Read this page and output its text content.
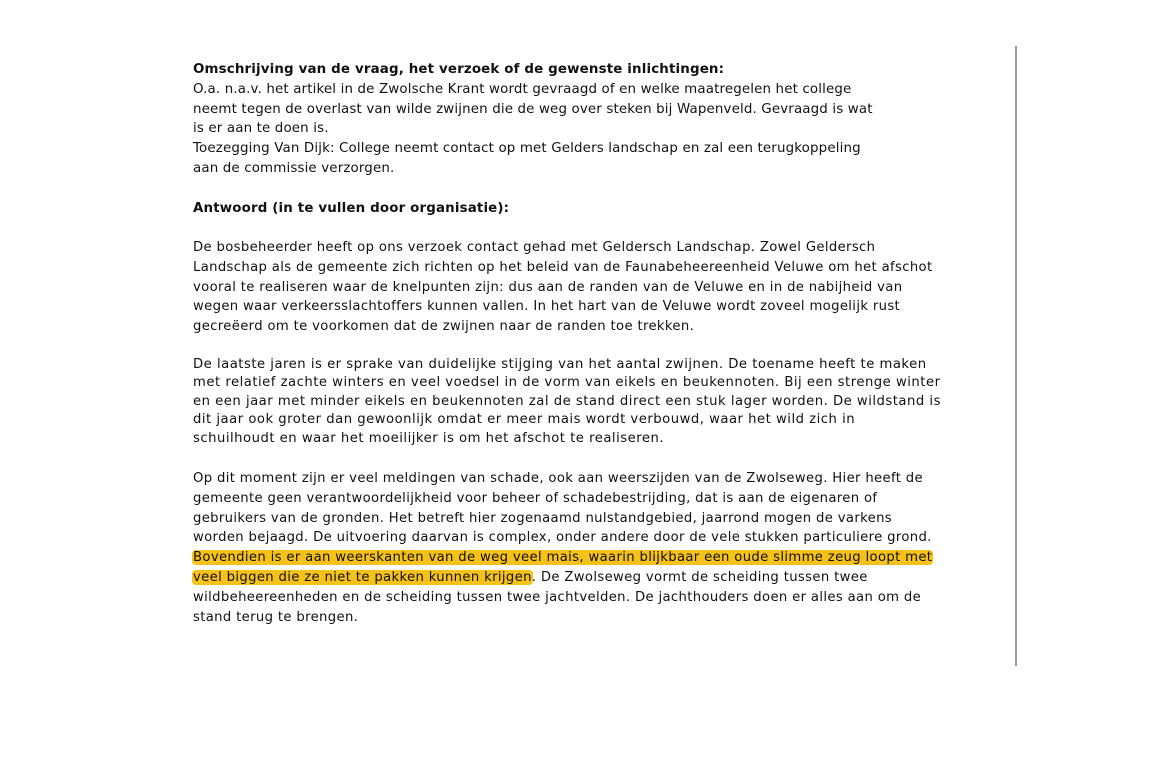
Omschrijving van de vraag, het verzoek of de gewenste inlichtingen:
O.a. n.a.v. het artikel in de Zwolsche Krant wordt gevraagd of en welke maatregelen het college
neemt tegen de overlast van wilde zwijnen die de weg over steken bij Wapenveld. Gevraagd is wat
is er aan te doen is.
Toezegging Van Dijk: College neemt contact op met Gelders landschap en zal een terugkoppeling
aan de commissie verzorgen.
Antwoord (in te vullen door organisatie):
De bosbeheerder heeft op ons verzoek contact gehad met Geldersch Landschap. Zowel Geldersch
Landschap als de gemeente zich richten op het beleid van de Faunabeheereenheid Veluwe om het afschot
vooral te realiseren waar de knelpunten zijn: dus aan de randen van de Veluwe en in de nabijheid van
wegen waar verkeersslachtoffers kunnen vallen. In het hart van de Veluwe wordt zoveel mogelijk rust
gecreëerd om te voorkomen dat de zwijnen naar de randen toe trekken.
De laatste jaren is er sprake van duidelijke stijging van het aantal zwijnen. De toename heeft te maken
met relatief zachte winters en veel voedsel in de vorm van eikels en beukennoten. Bij een strenge winter
en een jaar met minder eikels en beukennoten zal de stand direct een stuk lager worden. De wildstand is
dit jaar ook groter dan gewoonlijk omdat er meer mais wordt verbouwd, waar het wild zich in
schuilhoudt en waar het moeilijker is om het afschot te realiseren.
Op dit moment zijn er veel meldingen van schade, ook aan weerszijden van de Zwolseweg. Hier heeft de
gemeente geen verantwoordelijkheid voor beheer of schadebestrijding, dat is aan de eigenaren of
gebruikers van de gronden. Het betreft hier zogenaamd nulstandgebied, jaarrond mogen de varkens
worden bejaagd. De uitvoering daarvan is complex, onder andere door de vele stukken particuliere grond.
Bovendien is er aan weerskanten van de weg veel mais, waarin blijkbaar een oude slimme zeug loopt met
veel biggen die ze niet te pakken kunnen krijgen. De Zwolseweg vormt de scheiding tussen twee
wildbeheereenheden en de scheiding tussen twee jachtvelden. De jachthouders doen er alles aan om de
stand terug te brengen.
